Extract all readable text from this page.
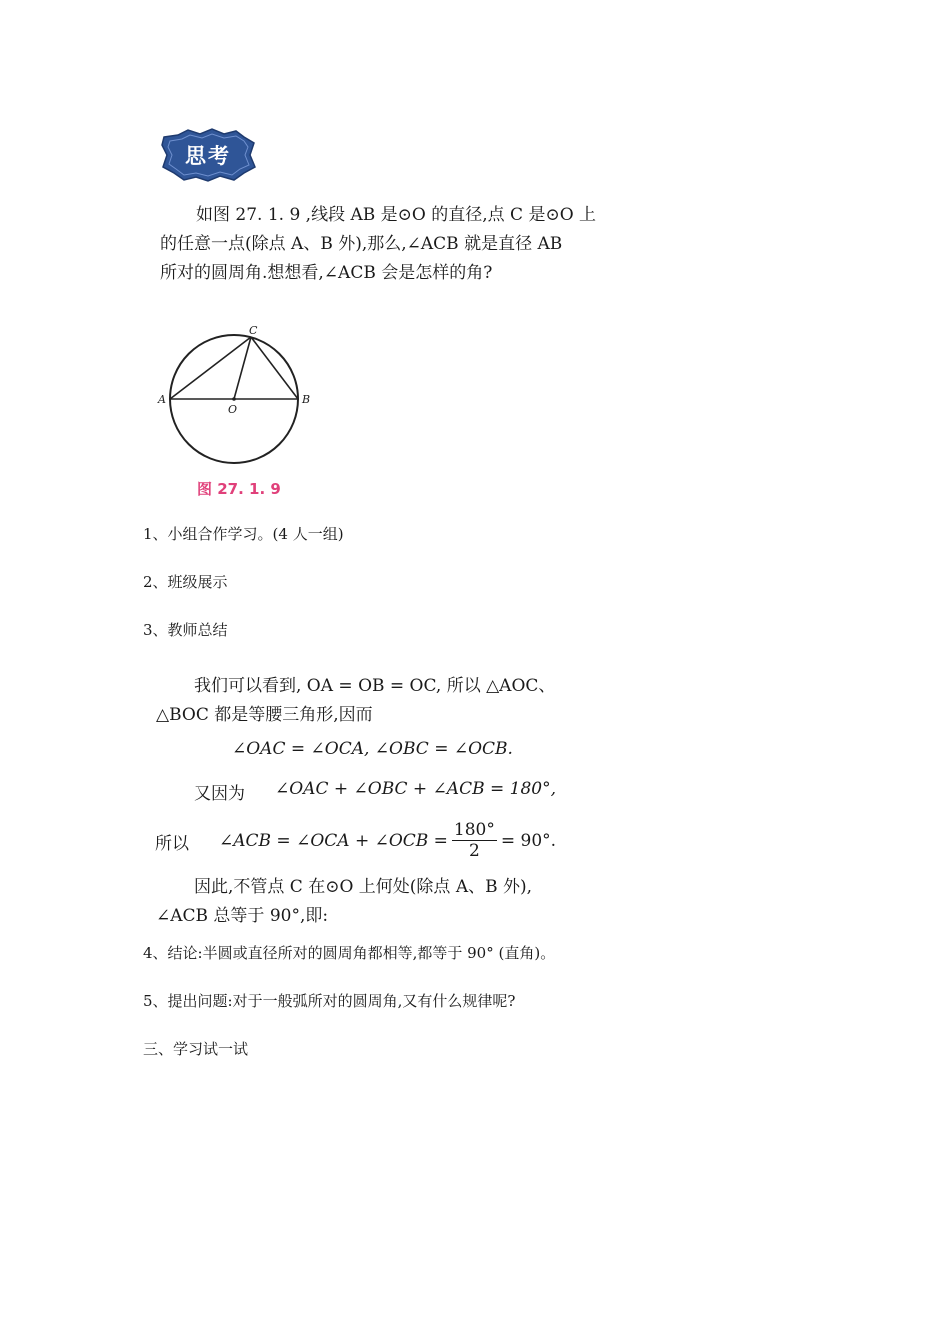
思考
如图 27. 1. 9 ,线段 AB 是⊙O 的直径,点 C 是⊙O 上
的任意一点(除点 A、B 外),那么,∠ACB 就是直径 AB
所对的圆周角.想想看,∠ACB 会是怎样的角?
C
A
O
B
图 27. 1. 9
1、小组合作学习。(4 人一组)
2、班级展示
3、教师总结
我们可以看到, OA = OB = OC, 所以 △AOC、
△BOC 都是等腰三角形,因而
∠OAC = ∠OCA, ∠OBC = ∠OCB.
又因为 ∠OAC + ∠OBC + ∠ACB = 180°,
所以 ∠ACB = ∠OCA + ∠OCB = $\frac{180^\circ}{2} = 90^\circ$.
因此,不管点 C 在⊙O 上何处(除点 A、B 外),
∠ACB 总等于 90°,即:
4、结论:半圆或直径所对的圆周角都相等,都等于 90° (直角)。
5、提出问题:对于一般弧所对的圆周角,又有什么规律呢?
三、学习试一试
